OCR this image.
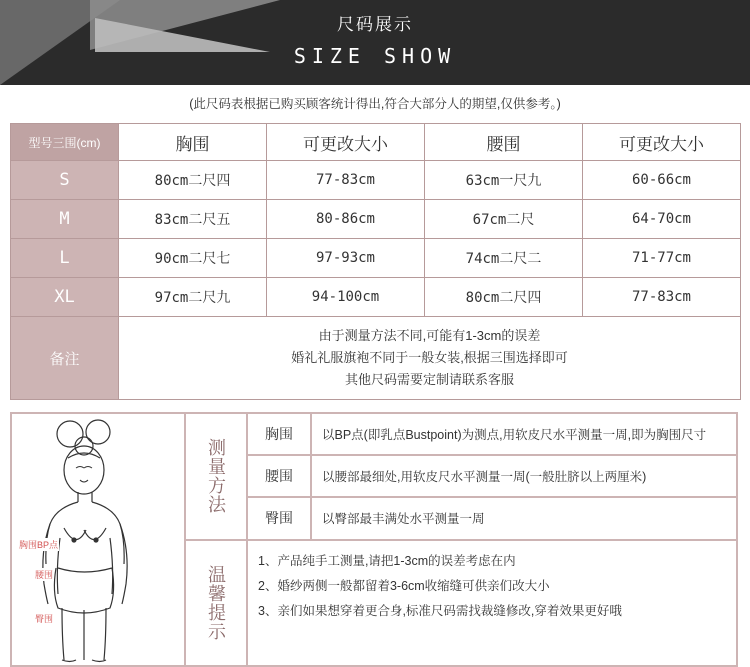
尺码展示
SIZE SHOW
(此尺码表根据已购买顾客统计得出,符合大部分人的期望,仅供参考。)
型号三围(cm)	胸围	可更改大小	腰围	可更改大小
S	80cm二尺四	77-83cm	63cm一尺九	60-66cm
M	83cm二尺五	80-86cm	67cm二尺	64-70cm
L	90cm二尺七	97-93cm	74cm二尺二	71-77cm
XL	97cm二尺九	94-100cm	80cm二尺四	77-83cm
备注	由于测量方法不同,可能有1-3cm的误差
婚礼礼服旗袍不同于一般女装,根据三围选择即可
其他尺码需要定制请联系客服			
胸围BP点
腰围
臀围
测量方法
温馨提示
胸围	以BP点(即乳点Bustpoint)为测点,用软皮尺水平测量一周,即为胸围尺寸
腰围	以腰部最细处,用软皮尺水平测量一周(一般肚脐以上两厘米)
臀围	以臀部最丰满处水平测量一周
1、产品纯手工测量,请把1-3cm的误差考虑在内
2、婚纱两侧一般都留着3-6cm收缩缝可供亲们改大小
3、亲们如果想穿着更合身,标准尺码需找裁缝修改,穿着效果更好哦
